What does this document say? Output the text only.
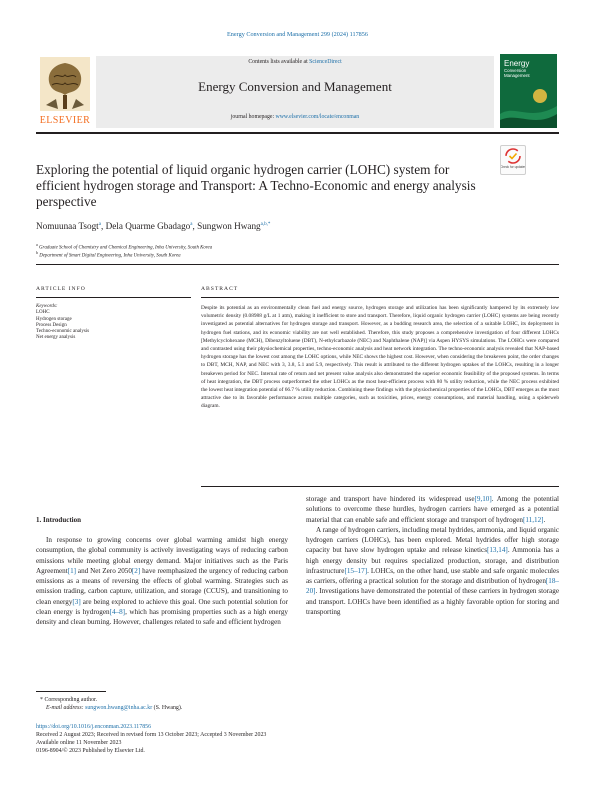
Energy Conversion and Management 299 (2024) 117856
ELSEVIER
Contents lists available at ScienceDirect
Energy Conversion and Management
journal homepage: www.elsevier.com/locate/enconman
Energy
Conversion
Management
Exploring the potential of liquid organic hydrogen carrier (LOHC) system for efficient hydrogen storage and Transport: A Techno-Economic and energy analysis perspective
Check for updates
Nomuunaa Tsogt$^a$, Dela Quarme Gbadago$^a$, Sungwon Hwang$^{a,b,*}$
$^a$ Graduate School of Chemistry and Chemical Engineering, Inha University, South Korea
$^b$ Department of Smart Digital Engineering, Inha University, South Korea
ARTICLE INFO
Keywords:
LOHC
Hydrogen storage
Process Design
Techno-economic analysis
Net energy analysis
ABSTRACT
Despite its potential as an environmentally clean fuel and energy source, hydrogen storage and utilization has been significantly hampered by its extremely low volumetric density (0.08988 g/L at 1 atm), making it inefficient to store and transport. Therefore, liquid organic hydrogen carrier (LOHC) systems are being recently investigated as potential alternatives for hydrogen storage and transport. However, as a budding research area, the selection of a suitable LOHC, its deployment in hydrogen fuel stations, and its economic viability are not well established. Therefore, this study proposes a comprehensive investigation of four different LOHCs [Methylcyclohexane (MCH), Dibenzyltoluene (DBT), N-ethylcarbazole (NEC) and Naphthalene (NAP)] via Aspen HYSYS simulations. The LOHCs were compared and contrasted using their physiochemical properties, techno-economic analysis and heat network integration. The techno-economic analysis revealed that NAP-based hydrogen storage has the lowest cost among the LOHC options, while NEC shows the highest cost. However, when considering the breakeven point, the order changes to DBT, MCH, NAP, and NEC with 3, 3.8, 5.1 and 5.9, respectively. This result is attributed to the different hydrogen uptakes of the LOHCs, resulting in a longer breakeven period for NEC. Internal rate of return and net present value analysis also demonstrated the superior economic feasibility of the proposed systems. In terms of heat integration, the DBT process outperformed the other LOHCs as the most heat-efficient process with 80 % utility reduction, while the NEC process exhibited the lowest heat integration potential of 66.7 % utility reduction. Combining these findings with the physiochemical properties of the LOHCs, DBT emerges as the most attractive due to its favorable performance across multiple categories, such as toxicities, prices, energy consumptions, and material handling, using a spiderweb diagram.
1. Introduction

In response to growing concerns over global warming amidst high energy consumption, the global community is actively investigating ways of reducing carbon emissions while meeting global energy demand. Major initiatives such as the Paris Agreement[1] and Net Zero 2050[2] have reemphasized the urgency of reducing carbon emissions as a means of reversing the effects of global warming. Strategies such as emission trading, carbon capture, utilization, and storage (CCUS), and transitioning to clean energy[3] are being explored to achieve this goal. One such potential solution for clean energy is hydrogen[4–8], which has promising properties such as a high energy density and clean burning. However, challenges related to safe and efficient hydrogen

storage and transport have hindered its widespread use[9,10]. Among the potential solutions to overcome these hurdles, hydrogen carriers have emerged as a potential material that can enable safe and efficient storage and transport of hydrogen[11,12].

A range of hydrogen carriers, including metal hydrides, ammonia, and liquid organic hydrogen carriers (LOHCs), has been explored. Metal hydrides offer high storage capacity but have slow hydrogen uptake and release kinetics[13,14]. Ammonia has a high energy density but requires specialized production, storage, and distribution infrastructure[15–17]. LOHCs, on the other hand, use stable and safe organic molecules as carriers, offering a practical solution for the storage and distribution of hydrogen[18–20]. Investigations have demonstrated the potential of these carriers in hydrogen storage and transport. LOHCs have been identified as a highly favorable option for storing and transporting

* Corresponding author.
E-mail address: sungwon.hwang@inha.ac.kr (S. Hwang).
https://doi.org/10.1016/j.enconman.2023.117856
Received 2 August 2023; Received in revised form 13 October 2023; Accepted 3 November 2023
Available online 11 November 2023
0196-8904/© 2023 Published by Elsevier Ltd.
